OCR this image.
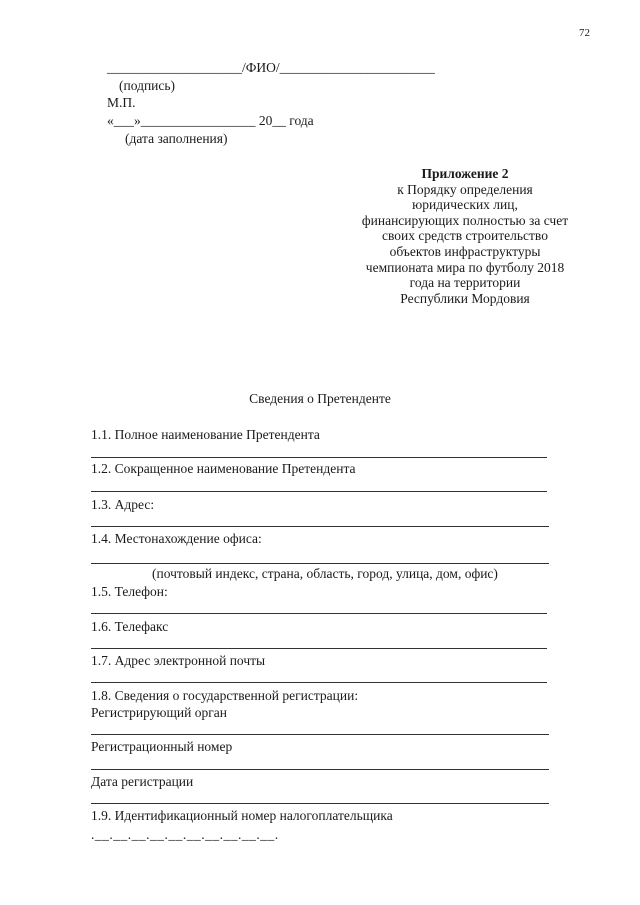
72
____________________/ФИО/_______________________
(подпись)
М.П.
«___»_________________ 20__ года
(дата заполнения)
Приложение 2
к Порядку определения
юридических лиц,
финансирующих полностью за счет
своих средств строительство
объектов инфраструктуры
чемпионата мира по футболу 2018
года на территории
Республики Мордовия
Сведения о Претенденте
1.1. Полное наименование Претендента
1.2. Сокращенное наименование Претендента
1.3. Адрес:
1.4. Местонахождение офиса:
(почтовый индекс, страна, область, город, улица, дом, офис)
1.5. Телефон:
1.6. Телефакс
1.7. Адрес электронной почты
1.8. Сведения о государственной регистрации:
Регистрирующий орган
Регистрационный номер
Дата регистрации
1.9. Идентификационный номер налогоплательщика
.__.__.__.__.__.__.__.__.__.__.
